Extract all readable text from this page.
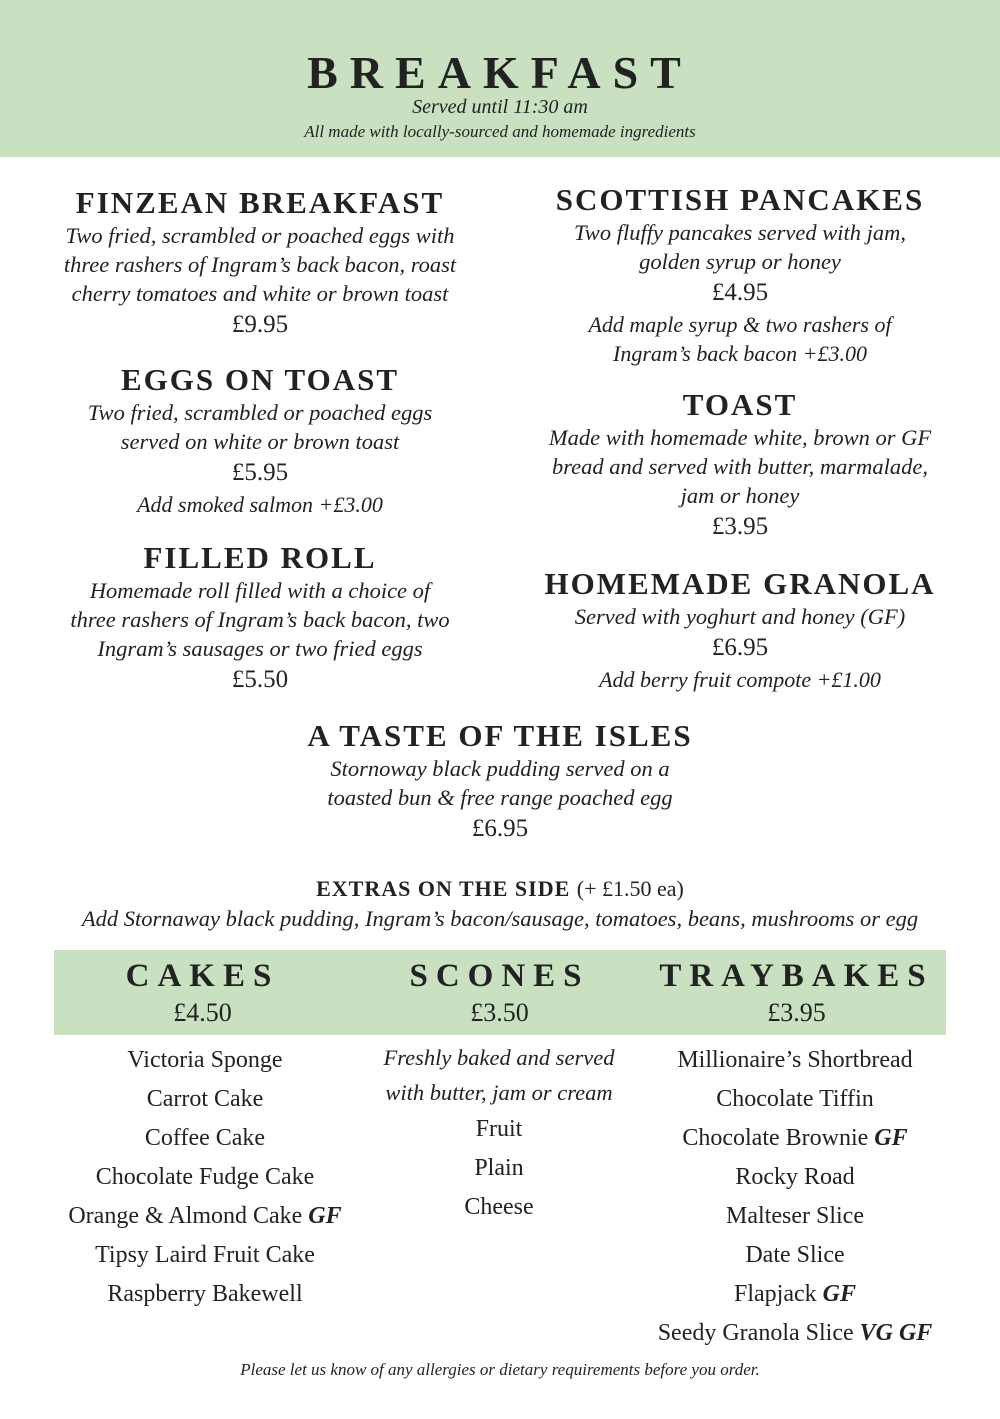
BREAKFAST
Served until 11:30 am
All made with locally-sourced and homemade ingredients
FINZEAN BREAKFAST
Two fried, scrambled or poached eggs with
three rashers of Ingram’s back bacon, roast
cherry tomatoes and white or brown toast
£9.95
EGGS ON TOAST
Two fried, scrambled or poached eggs
served on white or brown toast
£5.95
Add smoked salmon +£3.00
FILLED ROLL
Homemade roll filled with a choice of
three rashers of Ingram’s back bacon, two
Ingram’s sausages or two fried eggs
£5.50
SCOTTISH PANCAKES
Two fluffy pancakes served with jam,
golden syrup or honey
£4.95
Add maple syrup & two rashers of
Ingram’s back bacon +£3.00
TOAST
Made with homemade white, brown or GF
bread and served with butter, marmalade,
jam or honey
£3.95
HOMEMADE GRANOLA
Served with yoghurt and honey (GF)
£6.95
Add berry fruit compote +£1.00
A TASTE OF THE ISLES
Stornoway black pudding served on a
toasted bun & free range poached egg
£6.95
EXTRAS ON THE SIDE (+ £1.50 ea)
Add Stornaway black pudding, Ingram’s bacon/sausage, tomatoes, beans, mushrooms or egg
CAKES
£4.50
SCONES
£3.50
TRAYBAKES
£3.95
Victoria Sponge
Carrot Cake
Coffee Cake
Chocolate Fudge Cake
Orange & Almond Cake GF
Tipsy Laird Fruit Cake
Raspberry Bakewell
Freshly baked and served
with butter, jam or cream
Fruit
Plain
Cheese
Millionaire’s Shortbread
Chocolate Tiffin
Chocolate Brownie GF
Rocky Road
Malteser Slice
Date Slice
Flapjack GF
Seedy Granola Slice VG GF
Please let us know of any allergies or dietary requirements before you order.
